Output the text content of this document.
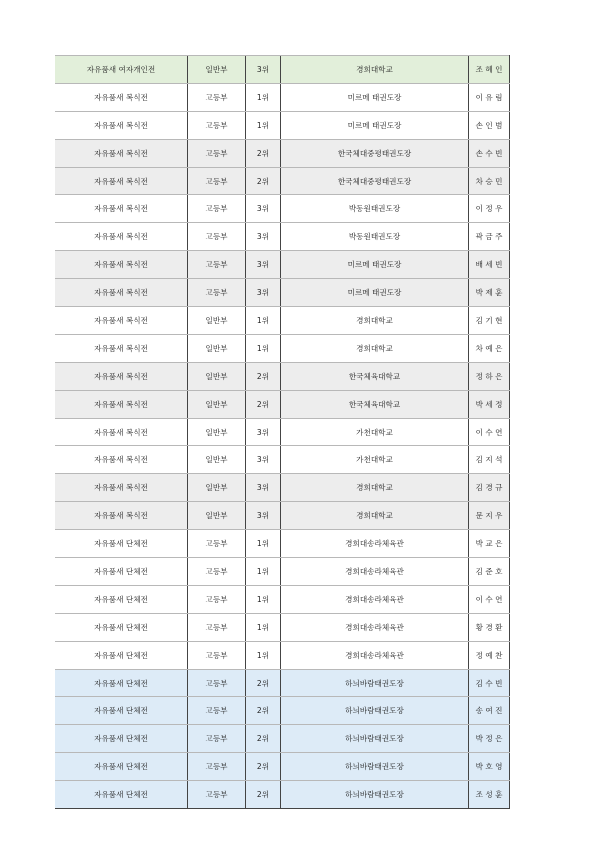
자유품새 여자개인전	일반부	3위	경희대학교	조 혜 인
자유품새 복식전	고등부	1위	미르메 태권도장	이 유 림
자유품새 복식전	고등부	1위	미르메 태권도장	손 인 범
자유품새 복식전	고등부	2위	한국체대중평태권도장	손 수 빈
자유품새 복식전	고등부	2위	한국체대중평태권도장	차 승 민
자유품새 복식전	고등부	3위	박동원태권도장	이 정 우
자유품새 복식전	고등부	3위	박동원태권도장	곽 금 주
자유품새 복식전	고등부	3위	미르메 태권도장	배 세 빈
자유품새 복식전	고등부	3위	미르메 태권도장	박 제 훈
자유품새 복식전	일반부	1위	경희대학교	김 기 현
자유품새 복식전	일반부	1위	경희대학교	차 예 은
자유품새 복식전	일반부	2위	한국체육대학교	정 하 은
자유품새 복식전	일반부	2위	한국체육대학교	박 세 정
자유품새 복식전	일반부	3위	가천대학교	이 수 연
자유품새 복식전	일반부	3위	가천대학교	김 지 석
자유품새 복식전	일반부	3위	경희대학교	김 경 규
자유품새 복식전	일반부	3위	경희대학교	문 지 우
자유품새 단체전	고등부	1위	경희대송라체육관	박 교 은
자유품새 단체전	고등부	1위	경희대송라체육관	김 준 호
자유품새 단체전	고등부	1위	경희대송라체육관	이 수 연
자유품새 단체전	고등부	1위	경희대송라체육관	황 경 환
자유품새 단체전	고등부	1위	경희대송라체육관	정 예 찬
자유품새 단체전	고등부	2위	하늬바람태권도장	김 수 빈
자유품새 단체전	고등부	2위	하늬바람태권도장	송 여 진
자유품새 단체전	고등부	2위	하늬바람태권도장	박 정 은
자유품새 단체전	고등부	2위	하늬바람태권도장	박 호 영
자유품새 단체전	고등부	2위	하늬바람태권도장	조 성 훈
